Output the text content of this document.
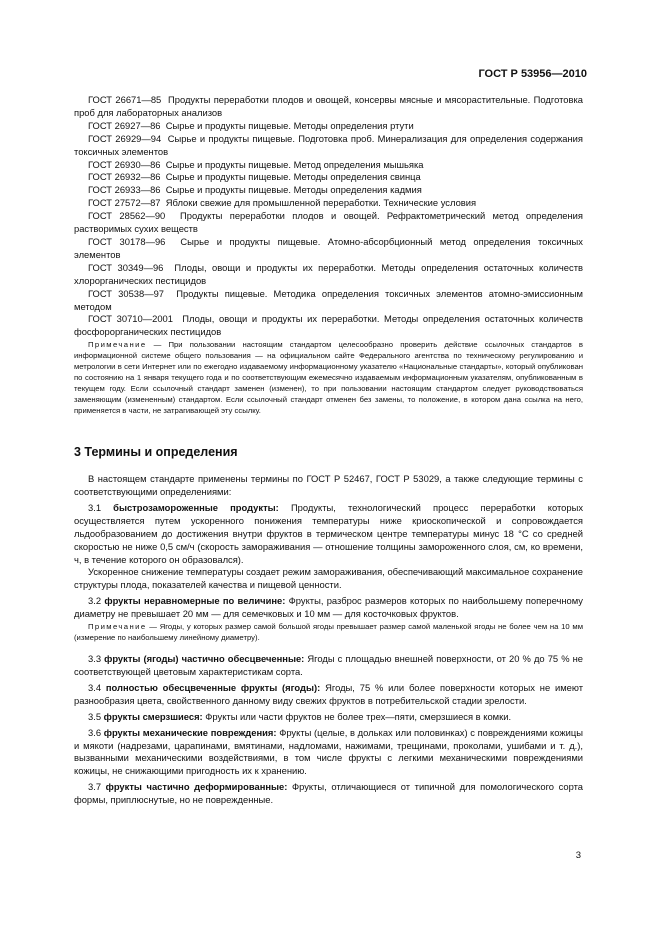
ГОСТ Р 53956—2010

ГОСТ 26671—85 Продукты переработки плодов и овощей, консервы мясные и мясорастительные. Подготовка проб для лабораторных анализов

ГОСТ 26927—86 Сырье и продукты пищевые. Методы определения ртути

ГОСТ 26929—94 Сырье и продукты пищевые. Подготовка проб. Минерализация для определения содержания токсичных элементов

ГОСТ 26930—86 Сырье и продукты пищевые. Метод определения мышьяка

ГОСТ 26932—86 Сырье и продукты пищевые. Методы определения свинца

ГОСТ 26933—86 Сырье и продукты пищевые. Методы определения кадмия

ГОСТ 27572—87 Яблоки свежие для промышленной переработки. Технические условия

ГОСТ 28562—90 Продукты переработки плодов и овощей. Рефрактометрический метод определения растворимых сухих веществ

ГОСТ 30178—96 Сырье и продукты пищевые. Атомно-абсорбционный метод определения токсичных элементов

ГОСТ 30349—96 Плоды, овощи и продукты их переработки. Методы определения остаточных количеств хлорорганических пестицидов

ГОСТ 30538—97 Продукты пищевые. Методика определения токсичных элементов атомно-эмиссионным методом

ГОСТ 30710—2001 Плоды, овощи и продукты их переработки. Методы определения остаточных количеств фосфорорганических пестицидов

Примечание — При пользовании настоящим стандартом целесообразно проверить действие ссылочных стандартов в информационной системе общего пользования — на официальном сайте Федерального агентства по техническому регулированию и метрологии в сети Интернет или по ежегодно издаваемому информационному указателю «Национальные стандарты», который опубликован по состоянию на 1 января текущего года и по соответствующим ежемесячно издаваемым информационным указателям, опубликованным в текущем году. Если ссылочный стандарт заменен (изменен), то при пользовании настоящим стандартом следует руководствоваться заменяющим (измененным) стандартом. Если ссылочный стандарт отменен без замены, то положение, в котором дана ссылка на него, применяется в части, не затрагивающей эту ссылку.

3 Термины и определения

В настоящем стандарте применены термины по ГОСТ Р 52467, ГОСТ Р 53029, а также следующие термины с соответствующими определениями:

3.1 быстрозамороженные продукты: Продукты, технологический процесс переработки которых осуществляется путем ускоренного понижения температуры ниже криоскопической и сопровождается льдообразованием до достижения внутри фруктов в термическом центре температуры минус 18 °С со средней скоростью не ниже 0,5 см/ч (скорость замораживания — отношение толщины замороженного слоя, см, ко времени, ч, в течение которого он образовался).

Ускоренное снижение температуры создает режим замораживания, обеспечивающий максимальное сохранение структуры плода, показателей качества и пищевой ценности.

3.2 фрукты неравномерные по величине: Фрукты, разброс размеров которых по наибольшему поперечному диаметру не превышает 20 мм — для семечковых и 10 мм — для косточковых фруктов.

Примечание — Ягоды, у которых размер самой большой ягоды превышает размер самой маленькой ягоды не более чем на 10 мм (измерение по наибольшему линейному диаметру).

3.3 фрукты (ягоды) частично обесцвеченные: Ягоды с площадью внешней поверхности, от 20 % до 75 % не соответствующей цветовым характеристикам сорта.

3.4 полностью обесцвеченные фрукты (ягоды): Ягоды, 75 % или более поверхности которых не имеют разнообразия цвета, свойственного данному виду свежих фруктов в потребительской стадии зрелости.

3.5 фрукты смерзшиеся: Фрукты или части фруктов не более трех—пяти, смерзшиеся в комки.

3.6 фрукты механические повреждения: Фрукты (целые, в дольках или половинках) с повреждениями кожицы и мякоти (надрезами, царапинами, вмятинами, надломами, нажимами, трещинами, проколами, ушибами и т. д.), вызванными механическими воздействиями, в том числе фрукты с легкими механическими повреждениями кожицы, не снижающими пригодность их к хранению.

3.7 фрукты частично деформированные: Фрукты, отличающиеся от типичной для помологического сорта формы, приплюснутые, но не поврежденные.

3
